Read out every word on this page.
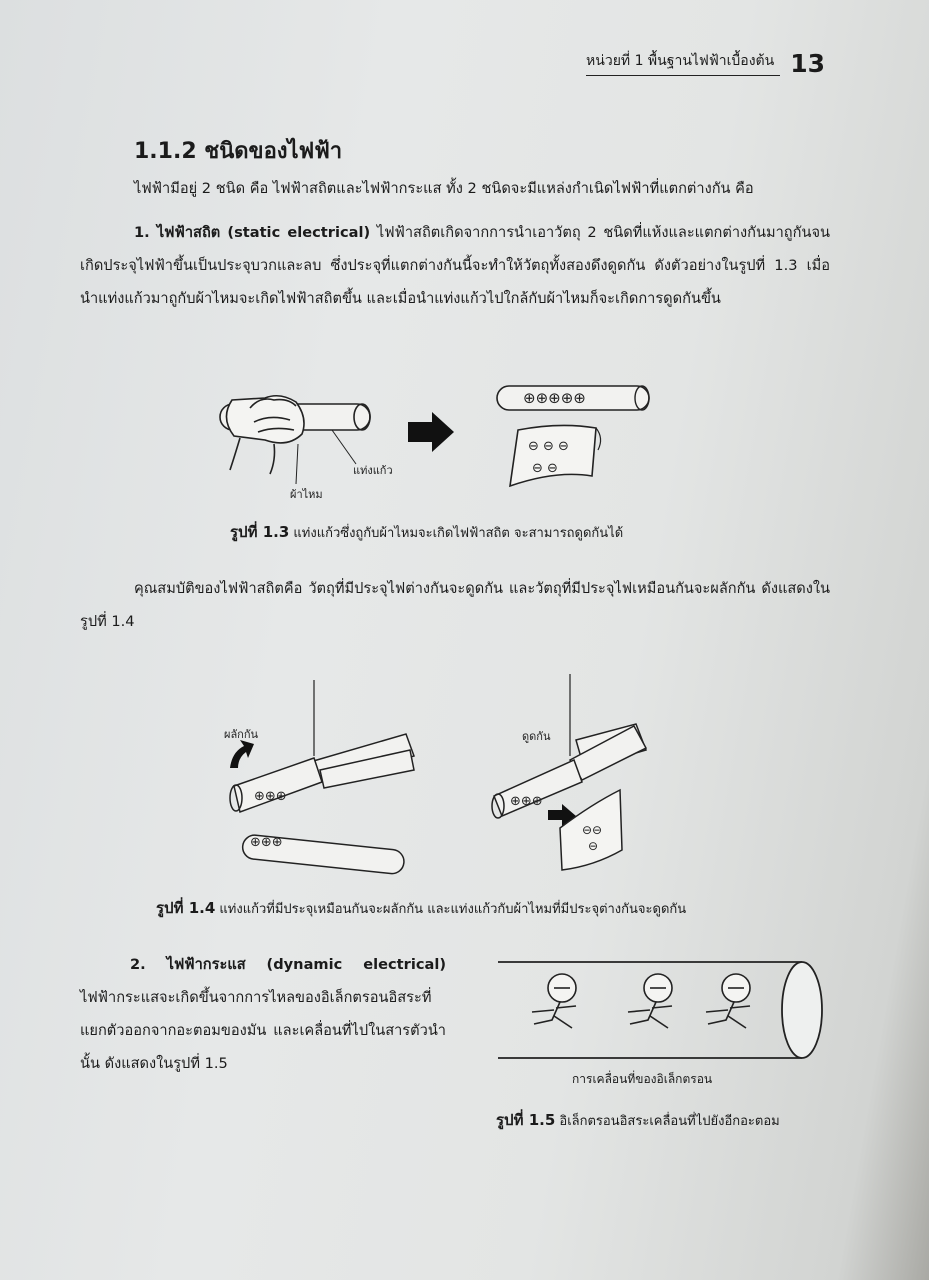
หน่วยที่ 1 พื้นฐานไฟฟ้าเบื้องต้น 13
1.1.2 ชนิดของไฟฟ้า

ไฟฟ้ามีอยู่ 2 ชนิด คือ ไฟฟ้าสถิตและไฟฟ้ากระแส ทั้ง 2 ชนิดจะมีแหล่งกำเนิดไฟฟ้าที่แตกต่างกัน คือ

1. ไฟฟ้าสถิต (static electrical) ไฟฟ้าสถิตเกิดจากการนำเอาวัตถุ 2 ชนิดที่แห้งและแตกต่างกันมาถูกันจนเกิดประจุไฟฟ้าขึ้นเป็นประจุบวกและลบ ซึ่งประจุที่แตกต่างกันนี้จะทำให้วัตถุทั้งสองดึงดูดกัน ดังตัวอย่างในรูปที่ 1.3 เมื่อนำแท่งแก้วมาถูกับผ้าไหมจะเกิดไฟฟ้าสถิตขึ้น และเมื่อนำแท่งแก้วไปใกล้กับผ้าไหมก็จะเกิดการดูดกันขึ้น

แท่งแก้ว
ผ้าไหม
⊕⊕⊕⊕⊕
⊖ ⊖ ⊖
⊖ ⊖
รูปที่ 1.3 แท่งแก้วซึ่งถูกับผ้าไหมจะเกิดไฟฟ้าสถิต จะสามารถดูดกันได้

คุณสมบัติของไฟฟ้าสถิตคือ วัตถุที่มีประจุไฟต่างกันจะดูดกัน และวัตถุที่มีประจุไฟเหมือนกันจะผลักกัน ดังแสดงในรูปที่ 1.4

ผลักกัน
⊕⊕⊕
⊕⊕⊕
ดูดกัน
⊕⊕⊕
⊖⊖
⊖
รูปที่ 1.4 แท่งแก้วที่มีประจุเหมือนกันจะผลักกัน และแท่งแก้วกับผ้าไหมที่มีประจุต่างกันจะดูดกัน

2. ไฟฟ้ากระแส (dynamic electrical) ไฟฟ้ากระแสจะเกิดขึ้นจากการไหลของอิเล็กตรอนอิสระที่แยกตัวออกจากอะตอมของมัน และเคลื่อนที่ไปในสารตัวนำนั้น ดังแสดงในรูปที่ 1.5

การเคลื่อนที่ของอิเล็กตรอน
รูปที่ 1.5 อิเล็กตรอนอิสระเคลื่อนที่ไปยังอีกอะตอม
